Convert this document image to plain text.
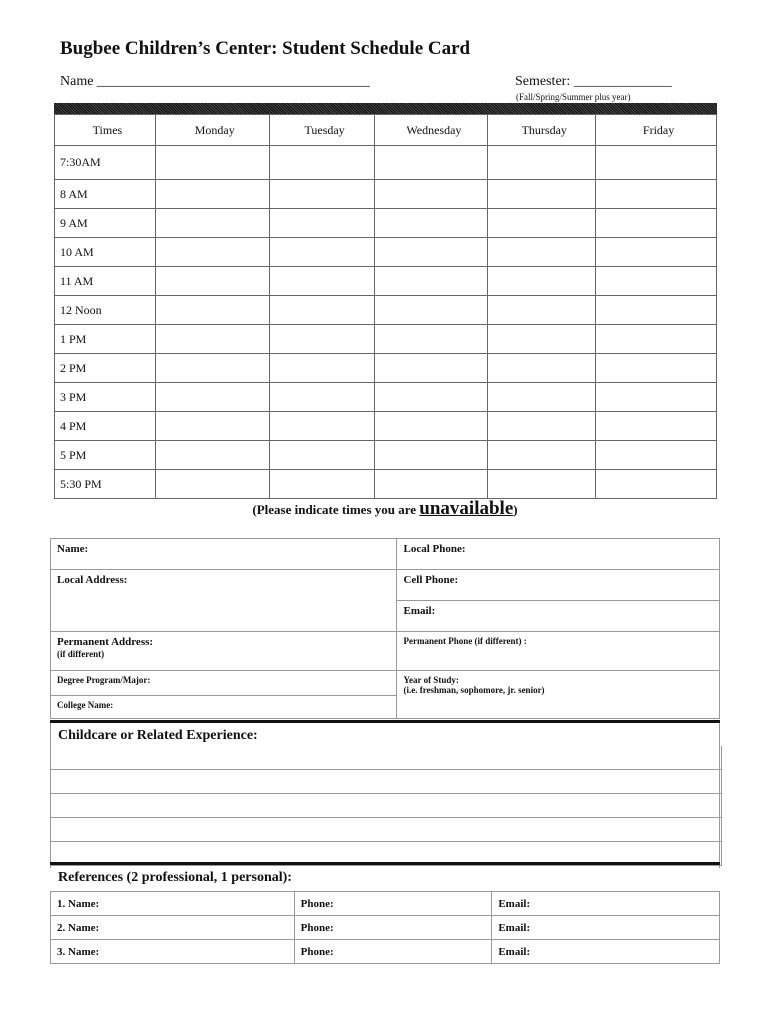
Bugbee Children’s Center: Student Schedule Card
Name _______________________________________	Semester: ______________
(Fall/Spring/Summer plus year)
Times	Monday	Tuesday	Wednesday	Thursday	Friday
7:30AM					
8 AM					
9 AM					
10 AM					
11 AM					
12 Noon					
1 PM					
2 PM					
3 PM					
4 PM					
5 PM					
5:30 PM					
(Please indicate times you are unavailable)
Name:	Local Phone:
Local Address:	Cell Phone:
	Email:
Permanent Address:
(if different)	Permanent Phone (if different) :
Degree Program/Major:	Year of Study:
(i.e. freshman, sophomore, jr. senior)
College Name:	
Childcare or Related Experience:
References (2 professional, 1 personal):
1. Name:	Phone:	Email:
2. Name:	Phone:	Email:
3. Name:	Phone:	Email:
